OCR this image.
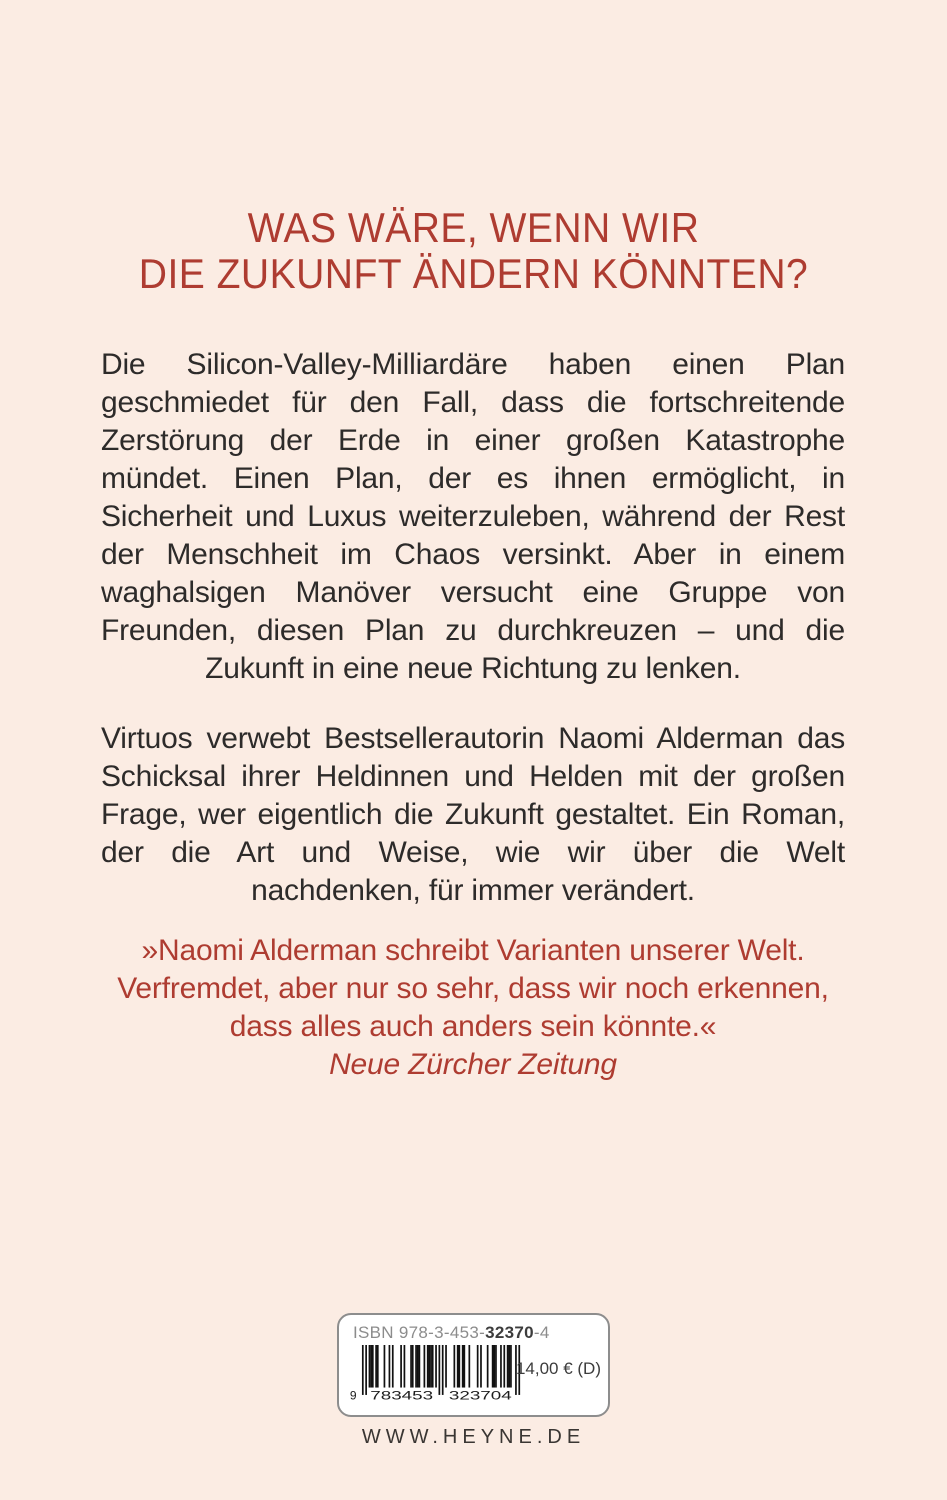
WAS WÄRE, WENN WIR
DIE ZUKUNFT ÄNDERN KÖNNTEN?

Die Silicon-Valley-Milliardäre haben einen Plan geschmiedet für den Fall, dass die fortschreitende Zerstörung der Erde in einer großen Katastrophe mündet. Einen Plan, der es ihnen ermöglicht, in Sicherheit und Luxus weiterzuleben, während der Rest der Menschheit im Chaos versinkt. Aber in einem waghalsigen Manöver versucht eine Gruppe von Freunden, diesen Plan zu durchkreuzen – und die Zukunft in eine neue Richtung zu lenken.

Virtuos verwebt Bestsellerautorin Naomi Alderman das Schicksal ihrer Heldinnen und Helden mit der großen Frage, wer eigentlich die Zukunft gestaltet. Ein Roman, der die Art und Weise, wie wir über die Welt nachdenken, für immer verändert.

»Naomi Alderman schreibt Varianten unserer Welt. Verfremdet, aber nur so sehr, dass wir noch erkennen, dass alles auch anders sein könnte.«
Neue Zürcher Zeitung
ISBN 978-3-453-32370-4
9 783453 323704
14,00 € (D)
WWW.HEYNE.DE
